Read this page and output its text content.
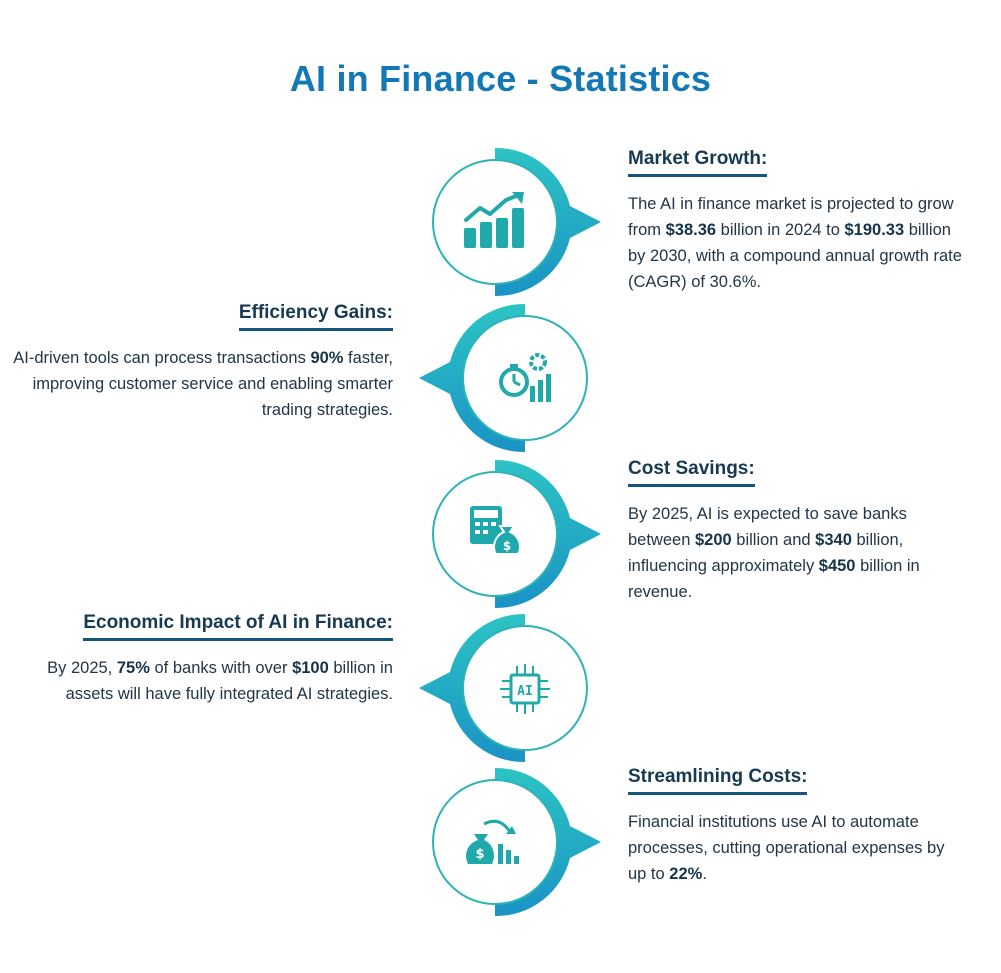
AI in Finance - Statistics
$
AI
$
Market Growth:
The AI in finance market is projected to grow from $38.36 billion in 2024 to $190.33 billion by 2030, with a compound annual growth rate (CAGR) of 30.6%.
Efficiency Gains:
AI-driven tools can process transactions 90% faster, improving customer service and enabling smarter trading strategies.
Cost Savings:
By 2025, AI is expected to save banks between $200 billion and $340 billion, influencing approximately $450 billion in revenue.
Economic Impact of AI in Finance:
By 2025, 75% of banks with over $100 billion in assets will have fully integrated AI strategies.
Streamlining Costs:
Financial institutions use AI to automate processes, cutting operational expenses by up to 22%.
